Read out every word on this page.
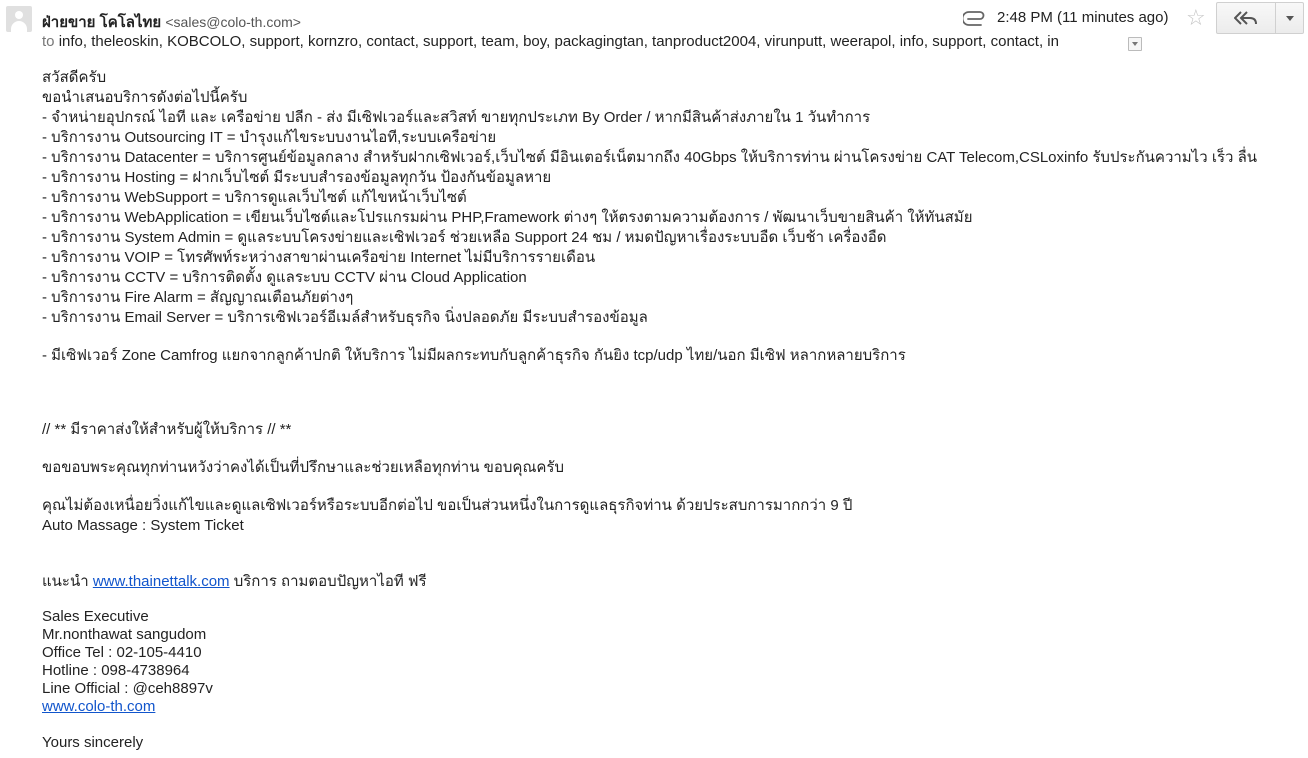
ฝ่ายขาย โคโลไทย <sales@colo-th.com>
to info, theleoskin, KOBCOLO, support, kornzro, contact, support, team, boy, packagingtan, tanproduct2004, virunputt, weerapol, info, support, contact, in
2:48 PM (11 minutes ago) ☆
สวัสดีครับ
ขอนำเสนอบริการดังต่อไปนี้ครับ
- จำหน่ายอุปกรณ์ ไอที และ เครือข่าย ปลีก - ส่ง มีเซิฟเวอร์และสวิสท์ ขายทุกประเภท By Order / หากมีสินค้าส่งภายใน 1 วันทำการ
- บริการงาน Outsourcing IT = บำรุงแก้ไขระบบงานไอที,ระบบเครือข่าย
- บริการงาน Datacenter = บริการศูนย์ข้อมูลกลาง สำหรับฝากเซิฟเวอร์,เว็บไซต์ มีอินเตอร์เน็ตมากถึง 40Gbps ให้บริการท่าน ผ่านโครงข่าย CAT Telecom,CSLoxinfo รับประกันความไว เร็ว ลื่น
- บริการงาน Hosting = ฝากเว็บไซต์ มีระบบสำรองข้อมูลทุกวัน ป้องกันข้อมูลหาย
- บริการงาน WebSupport = บริการดูแลเว็บไซต์ แก้ไขหน้าเว็บไซต์
- บริการงาน WebApplication = เขียนเว็บไซต์และโปรแกรมผ่าน PHP,Framework ต่างๆ ให้ตรงตามความต้องการ / พัฒนาเว็บขายสินค้า ให้ทันสมัย
- บริการงาน System Admin = ดูแลระบบโครงข่ายและเซิฟเวอร์ ช่วยเหลือ Support 24 ชม / หมดปัญหาเรื่องระบบอืด เว็บช้า เครื่องอืด
- บริการงาน VOIP = โทรศัพท์ระหว่างสาขาผ่านเครือข่าย Internet ไม่มีบริการรายเดือน
- บริการงาน CCTV = บริการติดตั้ง ดูแลระบบ CCTV ผ่าน Cloud Application
- บริการงาน Fire Alarm = สัญญาณเตือนภัยต่างๆ
- บริการงาน Email Server = บริการเซิฟเวอร์อีเมล์สำหรับธุรกิจ นิ่งปลอดภัย มีระบบสำรองข้อมูล
- มีเซิฟเวอร์ Zone Camfrog แยกจากลูกค้าปกติ ให้บริการ ไม่มีผลกระทบกับลูกค้าธุรกิจ กันยิง tcp/udp ไทย/นอก มีเซิฟ หลากหลายบริการ
// ** มีราคาส่งให้สำหรับผู้ให้บริการ // **
ขอขอบพระคุณทุกท่านหวังว่าคงได้เป็นที่ปรึกษาและช่วยเหลือทุกท่าน ขอบคุณครับ
คุณไม่ต้องเหนื่อยวิ่งแก้ไขและดูแลเซิฟเวอร์หรือระบบอีกต่อไป ขอเป็นส่วนหนึ่งในการดูแลธุรกิจท่าน ด้วยประสบการมากกว่า 9 ปี
Auto Massage : System Ticket
แนะนำ www.thainettalk.com บริการ ถามตอบปัญหาไอที ฟรี
Sales Executive
Mr.nonthawat sangudom
Office Tel : 02-105-4410
Hotline : 098-4738964
Line Official : @ceh8897v
www.colo-th.com
Yours sincerely
